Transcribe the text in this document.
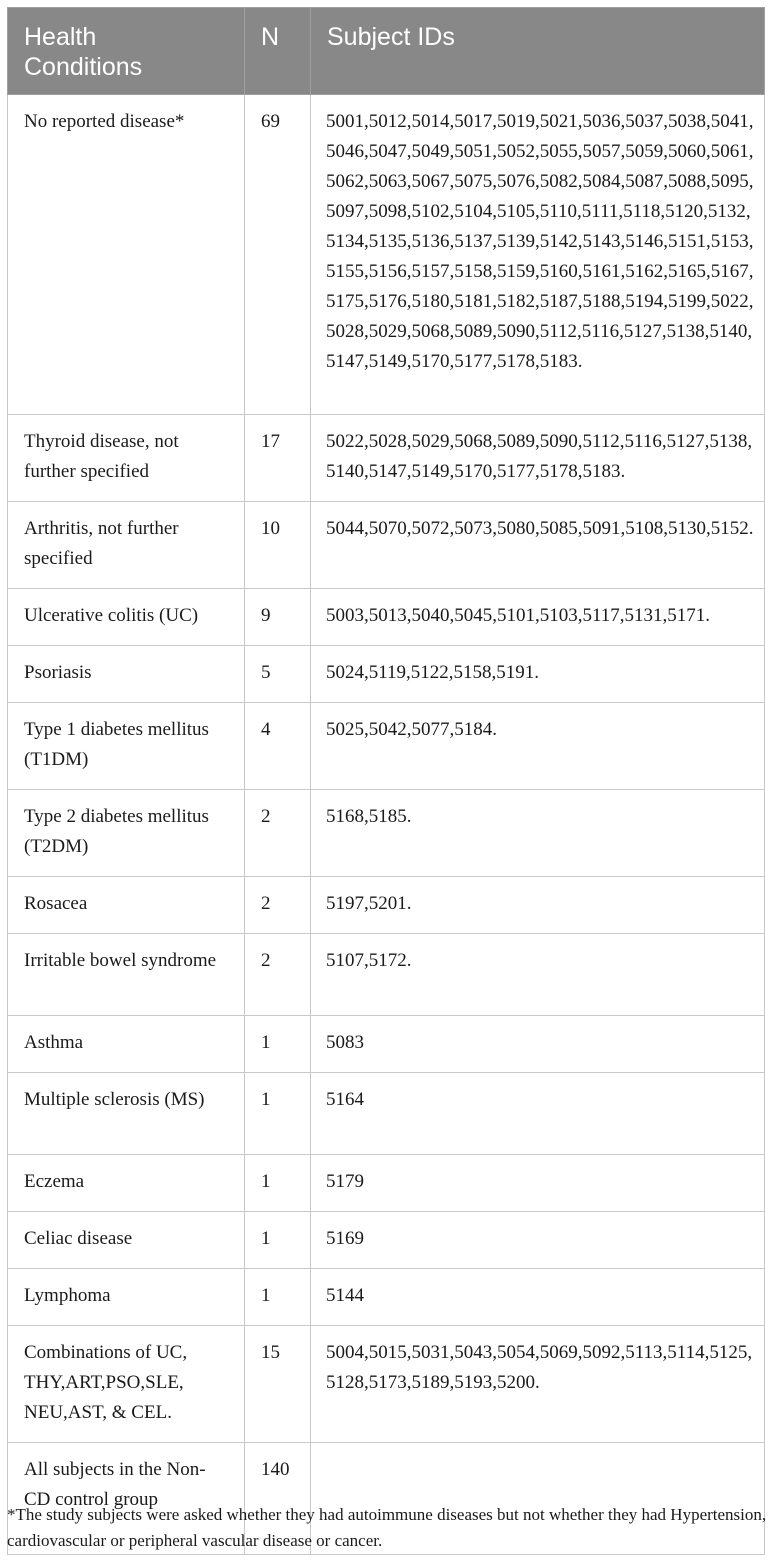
Health
Conditions	N	Subject IDs
No reported disease*	69	5001,5012,5014,5017,5019,5021,5036,5037,5038,5041,5046,5047,5049,5051,5052,5055,5057,5059,5060,5061,5062,5063,5067,5075,5076,5082,5084,5087,5088,5095,5097,5098,5102,5104,5105,5110,5111,5118,5120,5132,5134,5135,5136,5137,5139,5142,5143,5146,5151,5153,5155,5156,5157,5158,5159,5160,5161,5162,5165,5167,5175,5176,5180,5181,5182,5187,5188,5194,5199,5022,5028,5029,5068,5089,5090,5112,5116,5127,5138,5140,5147,5149,5170,5177,5178,5183.
Thyroid disease, not further specified	17	5022,5028,5029,5068,5089,5090,5112,5116,5127,5138,5140,5147,5149,5170,5177,5178,5183.
Arthritis, not further specified	10	5044,5070,5072,5073,5080,5085,5091,5108,5130,5152.
Ulcerative colitis (UC)	9	5003,5013,5040,5045,5101,5103,5117,5131,5171.
Psoriasis	5	5024,5119,5122,5158,5191.
Type 1 diabetes mellitus (T1DM)	4	5025,5042,5077,5184.
Type 2 diabetes mellitus (T2DM)	2	5168,5185.
Rosacea	2	5197,5201.
Irritable bowel syndrome	2	5107,5172.
Asthma	1	5083
Multiple sclerosis (MS)	1	5164
Eczema	1	5179
Celiac disease	1	5169
Lymphoma	1	5144
Combinations of UC, THY,ART,PSO,SLE, NEU,AST, & CEL.	15	5004,5015,5031,5043,5054,5069,5092,5113,5114,5125,5128,5173,5189,5193,5200.
All subjects in the Non-CD control group	140	
*The study subjects were asked whether they had autoimmune diseases but not whether they had Hypertension, cardiovascular or peripheral vascular disease or cancer.
